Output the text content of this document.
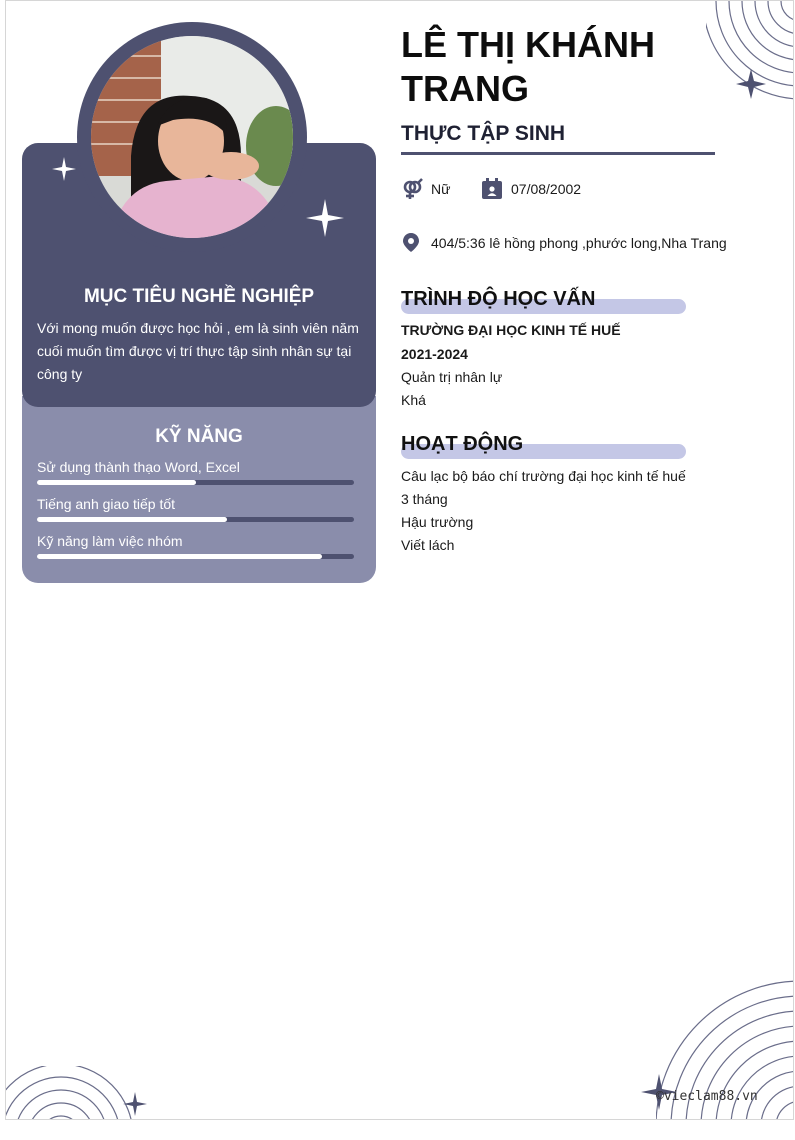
MỤC TIÊU NGHỀ NGHIỆP
Với mong muốn được học hỏi , em là sinh viên năm cuối muốn tìm được vị trí thực tập sinh nhân sự tại công ty
KỸ NĂNG
Sử dụng thành thạo Word, Excel
Tiếng anh giao tiếp tốt
Kỹ năng làm việc nhóm
LÊ THỊ KHÁNH TRANG
THỰC TẬP SINH
Nữ	07/08/2002
404/5:36 lê hồng phong ,phước long,Nha Trang
TRÌNH ĐỘ HỌC VẤN
TRƯỜNG ĐẠI HỌC KINH TẾ HUẾ
2021-2024
Quản trị nhân lự
Khá
HOẠT ĐỘNG
Câu lạc bộ báo chí trường đại học kinh tế huế
3 tháng
Hậu trường
Viết lách
©vieclam88.vn
